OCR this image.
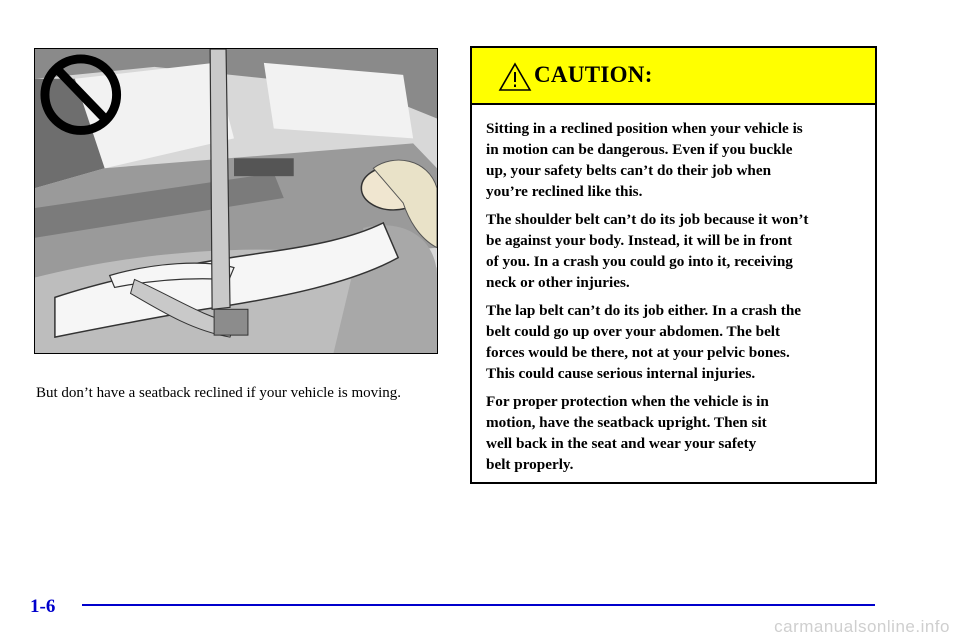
But don’t have a seatback reclined if your vehicle is moving.
CAUTION:

Sitting in a reclined position when your vehicle is
in motion can be dangerous. Even if you buckle
up, your safety belts can’t do their job when
you’re reclined like this.

The shoulder belt can’t do its job because it won’t
be against your body. Instead, it will be in front
of you. In a crash you could go into it, receiving
neck or other injuries.

The lap belt can’t do its job either. In a crash the
belt could go up over your abdomen. The belt
forces would be there, not at your pelvic bones.
This could cause serious internal injuries.

For proper protection when the vehicle is in
motion, have the seatback upright. Then sit
well back in the seat and wear your safety
belt properly.

1-6
carmanualsonline.info
